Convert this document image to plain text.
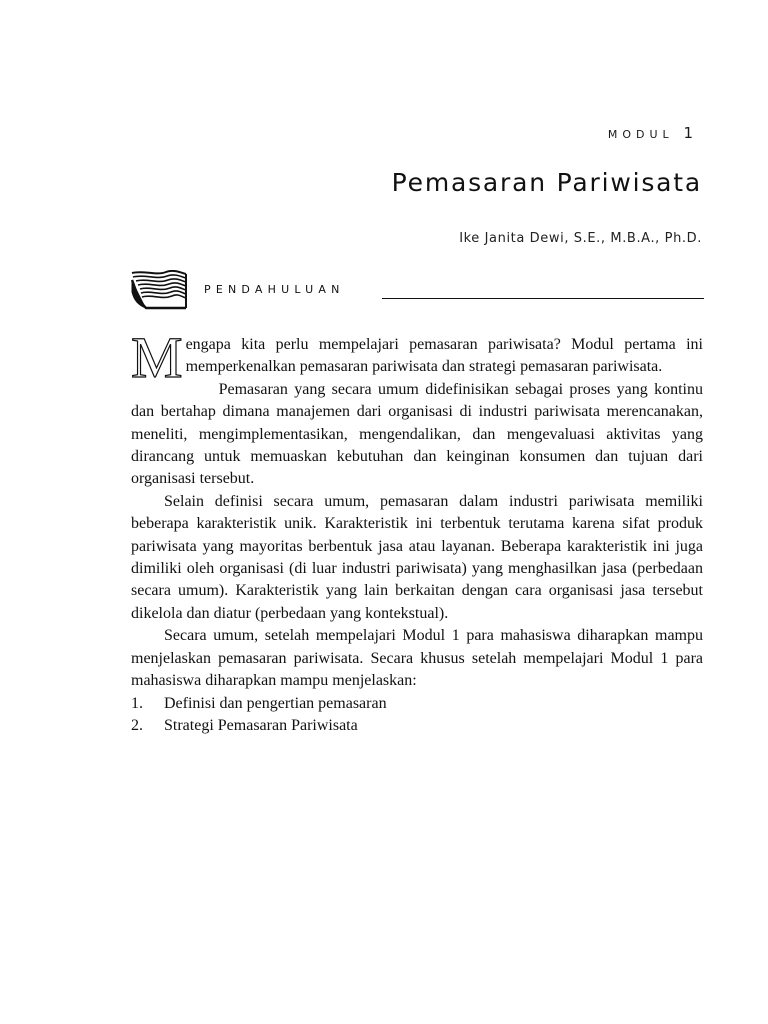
modul 1
Pemasaran Pariwisata
Ike Janita Dewi, S.E., M.B.A., Ph.D.
PENDAHULUAN

Mengapa kita perlu mempelajari pemasaran pariwisata? Modul pertama ini memperkenalkan pemasaran pariwisata dan strategi pemasaran pariwisata.

Pemasaran yang secara umum didefinisikan sebagai proses yang kontinu dan bertahap dimana manajemen dari organisasi di industri pariwisata merencanakan, meneliti, mengimplementasikan, mengendalikan, dan mengevaluasi aktivitas yang dirancang untuk memuaskan kebutuhan dan keinginan konsumen dan tujuan dari organisasi tersebut.

Selain definisi secara umum, pemasaran dalam industri pariwisata memiliki beberapa karakteristik unik. Karakteristik ini terbentuk terutama karena sifat produk pariwisata yang mayoritas berbentuk jasa atau layanan. Beberapa karakteristik ini juga dimiliki oleh organisasi (di luar industri pariwisata) yang menghasilkan jasa (perbedaan secara umum). Karakteristik yang lain berkaitan dengan cara organisasi jasa tersebut dikelola dan diatur (perbedaan yang kontekstual).

Secara umum, setelah mempelajari Modul 1 para mahasiswa diharapkan mampu menjelaskan pemasaran pariwisata. Secara khusus setelah mempelajari Modul 1 para mahasiswa diharapkan mampu menjelaskan:

1. Definisi dan pengertian pemasaran
2. Strategi Pemasaran Pariwisata
